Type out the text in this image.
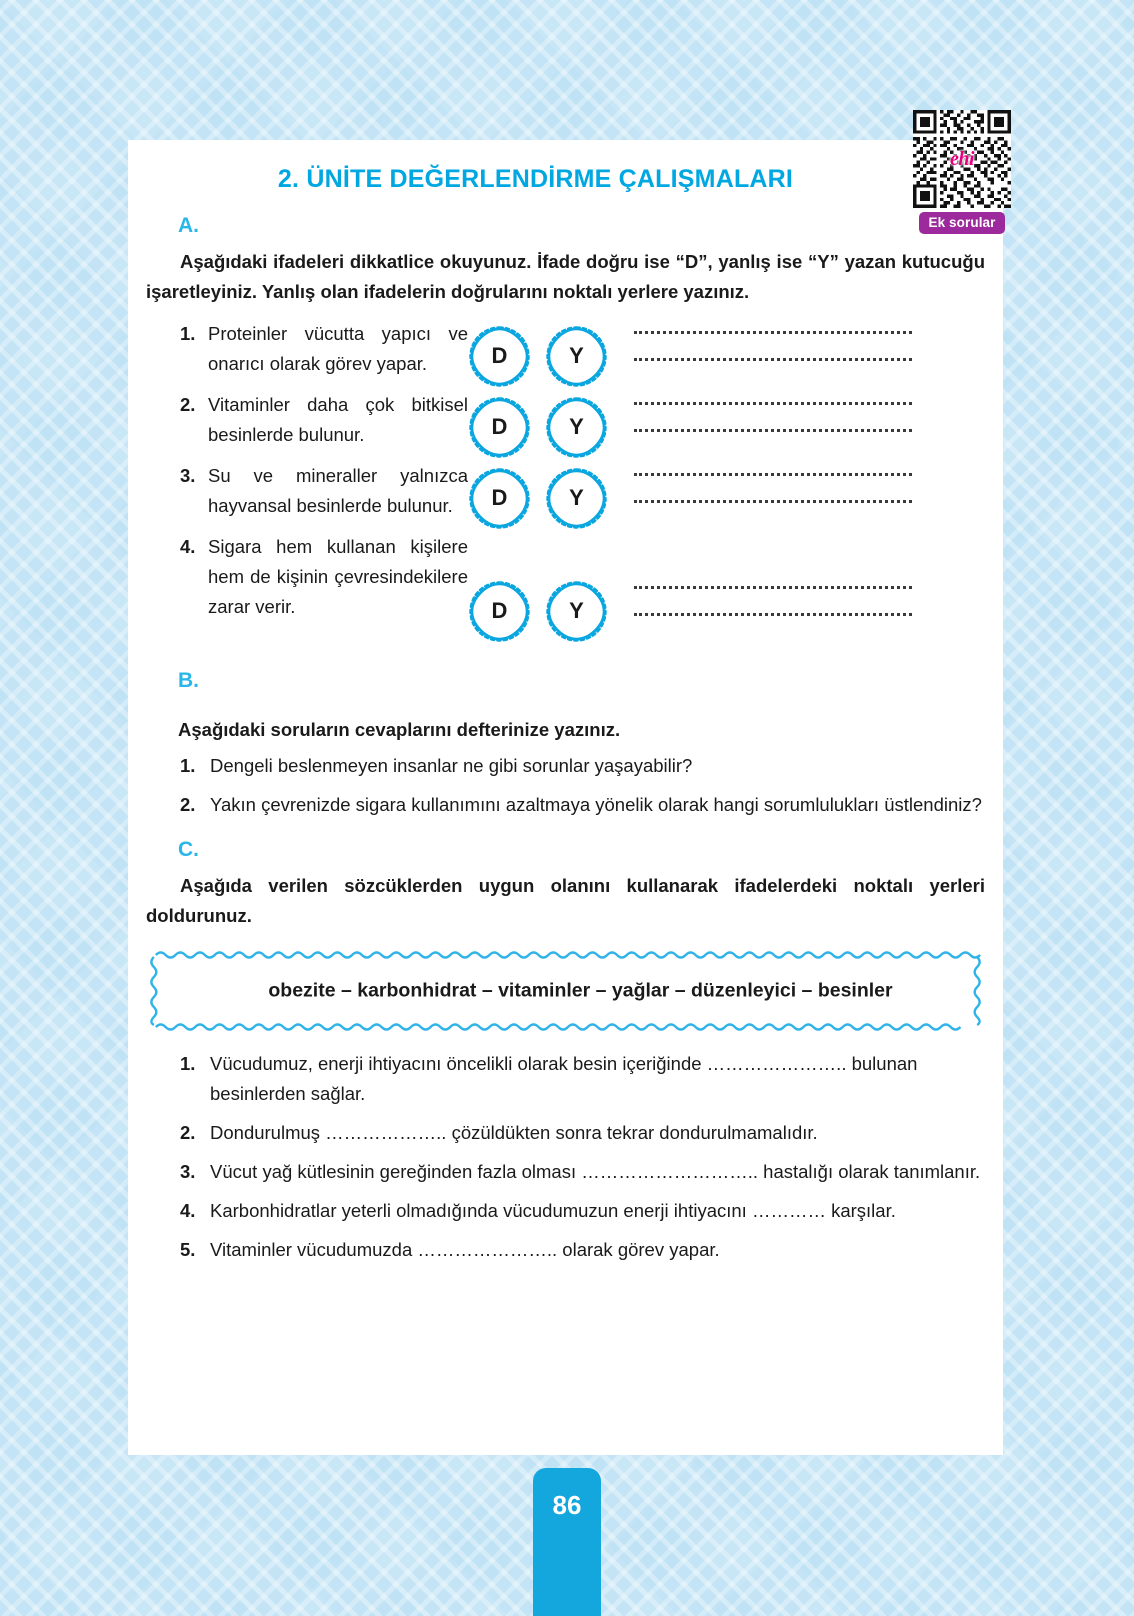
ehi
Ek sorular
2. ÜNİTE DEĞERLENDİRME ÇALIŞMALARI
A.
Aşağıdaki ifadeleri dikkatlice okuyunuz. İfade doğru ise “D”, yanlış ise “Y” yazan kutucuğu işaretleyiniz. Yanlış olan ifadelerin doğrularını noktalı yerlere yazınız.
1. Proteinler vücutta yapıcı ve onarıcı olarak görev yapar.	D	Y
2. Vitaminler daha çok bitkisel besinlerde bulunur.	D	Y
3. Su ve mineraller yalnızca hayvansal besinlerde bulunur.	D	Y
4. Sigara hem kullanan kişilere hem de kişinin çevresindekilere zarar verir.	D	Y
B.
Aşağıdaki soruların cevaplarını defterinize yazınız.
1. Dengeli beslenmeyen insanlar ne gibi sorunlar yaşayabilir?
2. Yakın çevrenizde sigara kullanımını azaltmaya yönelik olarak hangi sorumlulukları üstlendiniz?
C.
Aşağıda verilen sözcüklerden uygun olanını kullanarak ifadelerdeki noktalı yerleri doldurunuz.
obezite – karbonhidrat – vitaminler – yağlar – düzenleyici – besinler
1. Vücudumuz, enerji ihtiyacını öncelikli olarak besin içeriğinde ………………….. bulunan besinlerden sağlar.
2. Dondurulmuş ……………….. çözüldükten sonra tekrar dondurulmamalıdır.
3. Vücut yağ kütlesinin gereğinden fazla olması ……………………….. hastalığı olarak tanımlanır.
4. Karbonhidratlar yeterli olmadığında vücudumuzun enerji ihtiyacını ………… karşılar.
5. Vitaminler vücudumuzda ………………….. olarak görev yapar.
86
